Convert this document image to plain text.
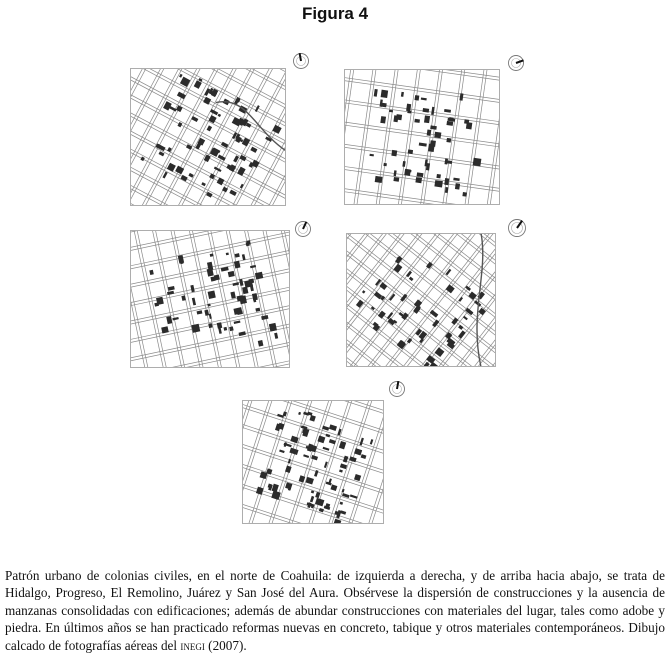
Figura 4

Patrón urbano de colonias civiles, en el norte de Coahuila: de izquierda a derecha, y de arriba hacia abajo, se trata de Hidalgo, Progreso, El Remolino, Juárez y San José del Aura. Obsérvese la dispersión de construcciones y la ausencia de manzanas consolidadas con edificaciones; además de abundar construcciones con materiales del lugar, tales como adobe y piedra. En últimos años se han practicado reformas nuevas en concreto, tabique y otros materiales contemporáneos. Dibujo calcado de fotografías aéreas del inegi (2007).
